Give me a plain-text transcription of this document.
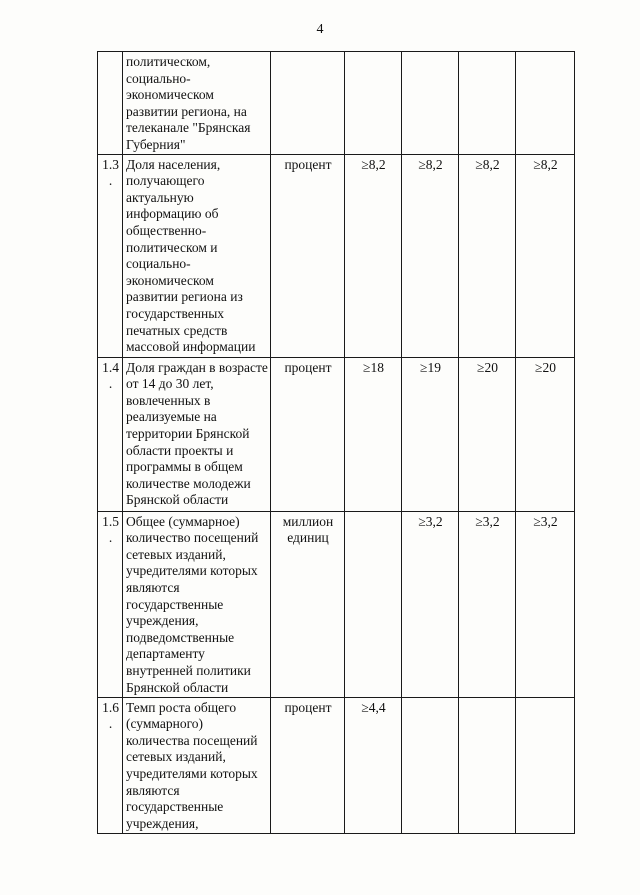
4
	политическом, социально-экономическом развитии региона, на телеканале "Брянская Губерния"					
1.3.	Доля населения, получающего актуальную информацию об общественно-политическом и социально-экономическом развитии региона из государственных печатных средств массовой информации	процент	≥8,2	≥8,2	≥8,2	≥8,2
1.4.	Доля граждан в возрасте от 14 до 30 лет, вовлеченных в реализуемые на территории Брянской области проекты и программы в общем количестве молодежи Брянской области	процент	≥18	≥19	≥20	≥20
1.5.	Общее (суммарное) количество посещений сетевых изданий, учредителями которых являются государственные учреждения, подведомственные департаменту внутренней политики Брянской области	миллион единиц		≥3,2	≥3,2	≥3,2
1.6.	Темп роста общего (суммарного) количества посещений сетевых изданий, учредителями которых являются государственные учреждения,	процент	≥4,4			
